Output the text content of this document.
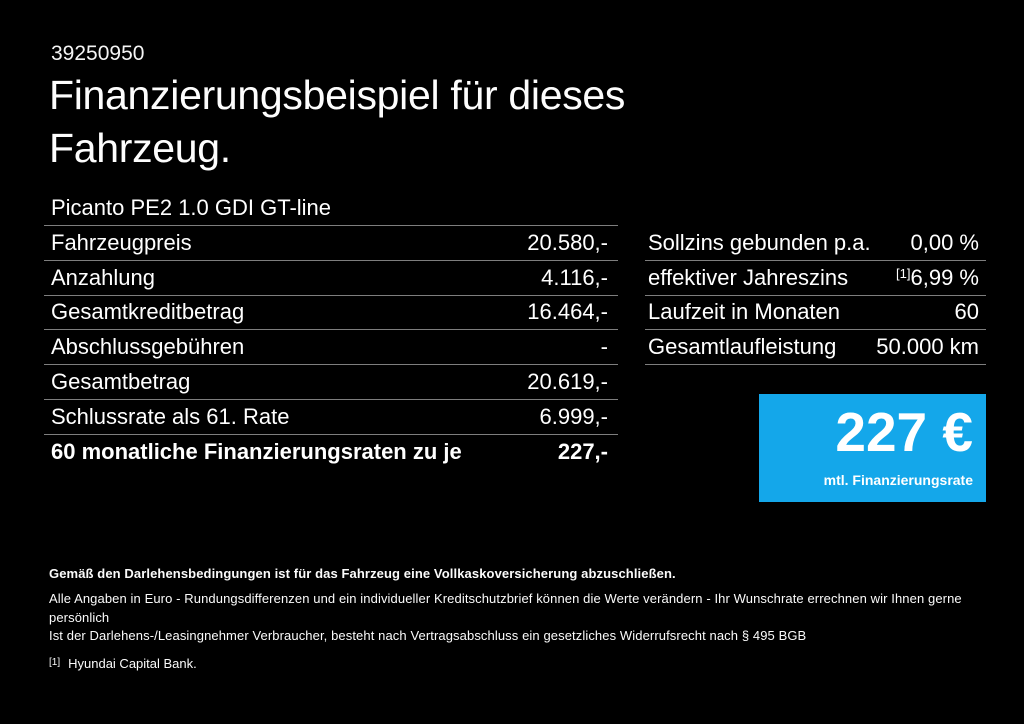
39250950
Finanzierungsbeispiel für dieses
Fahrzeug.
Picanto PE2 1.0 GDI GT-line
Fahrzeugpreis	20.580,-
Anzahlung	4.116,-
Gesamtkreditbetrag	16.464,-
Abschlussgebühren	-
Gesamtbetrag	20.619,-
Schlussrate als 61. Rate	6.999,-
60 monatliche Finanzierungsraten zu je	227,-
Sollzins gebunden p.a.	0,00 %
effektiver Jahreszins	[1] 6,99 %
Laufzeit in Monaten	60
Gesamtlaufleistung	50.000 km
227 €
mtl. Finanzierungsrate

Gemäß den Darlehensbedingungen ist für das Fahrzeug eine Vollkaskoversicherung abzuschließen.

Alle Angaben in Euro - Rundungsdifferenzen und ein individueller Kreditschutzbrief können die Werte verändern - Ihr Wunschrate errechnen wir Ihnen gerne persönlich
Ist der Darlehens-/Leasingnehmer Verbraucher, besteht nach Vertragsabschluss ein gesetzliches Widerrufsrecht nach § 495 BGB

[1] Hyundai Capital Bank.
